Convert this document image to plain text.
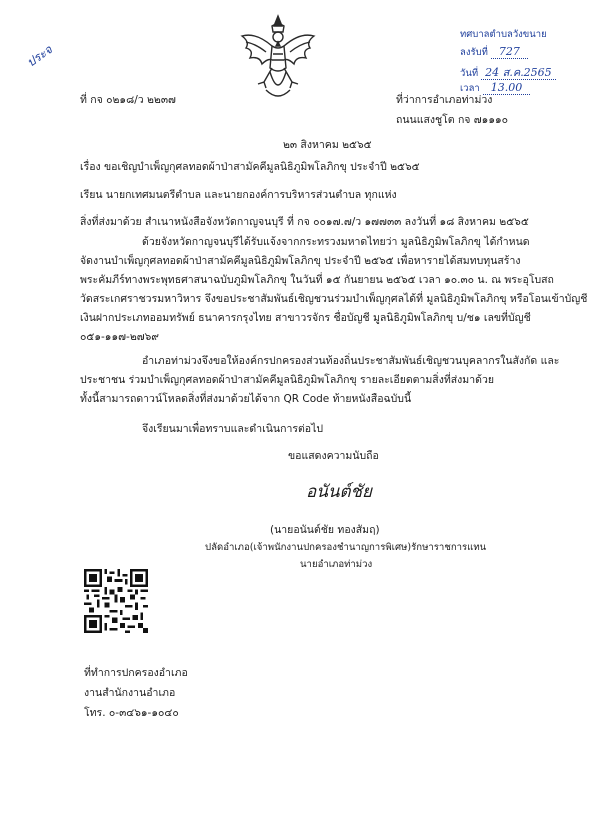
ประจ
ทศบาลตำบลวังขนาย
ลงรับที่ 727
วันที่ 24 ส.ค.2565
เวลา 13.00
ที่ กจ ๐๒๑๘/ว ๒๒๓๗	ที่ว่าการอำเภอท่าม่วง
ถนนแสงชูโต กจ ๗๑๑๑๐
๒๓ สิงหาคม ๒๕๖๕
เรื่อง ขอเชิญบำเพ็ญกุศลทอดผ้าป่าสามัคคีมูลนิธิภูมิพโลภิกขุ ประจำปี ๒๕๖๕
เรียน นายกเทศมนตรีตำบล และนายกองค์การบริหารส่วนตำบล ทุกแห่ง
สิ่งที่ส่งมาด้วย สำเนาหนังสือจังหวัดกาญจนบุรี ที่ กจ ๐๐๑๗.๗/ว ๑๗๗๓๓ ลงวันที่ ๑๘ สิงหาคม ๒๕๖๕
ด้วยจังหวัดกาญจนบุรีได้รับแจ้งจากกระทรวงมหาดไทยว่า มูลนิธิภูมิพโลภิกขุ ได้กำหนด
จัดงานบำเพ็ญกุศลทอดผ้าป่าสามัคคีมูลนิธิภูมิพโลภิกขุ ประจำปี ๒๕๖๕ เพื่อหารายได้สมทบทุนสร้าง
พระคัมภีร์ทางพระพุทธศาสนาฉบับภูมิพโลภิกขุ ในวันที่ ๑๕ กันยายน ๒๕๖๕ เวลา ๑๐.๓๐ น. ณ พระอุโบสถ
วัดสระเกศราชวรมหาวิหาร จึงขอประชาสัมพันธ์เชิญชวนร่วมบำเพ็ญกุศลได้ที่ มูลนิธิภูมิพโลภิกขุ หรือโอนเข้าบัญชี
เงินฝากประเภทออมทรัพย์ ธนาคารกรุงไทย สาขาวรจักร ชื่อบัญชี มูลนิธิภูมิพโลภิกขุ บ/ช๑ เลขที่บัญชี
๐๕๑-๑๑๗-๒๗๖๙
อำเภอท่าม่วงจึงขอให้องค์กรปกครองส่วนท้องถิ่นประชาสัมพันธ์เชิญชวนบุคลากรในสังกัด และ
ประชาชน ร่วมบำเพ็ญกุศลทอดผ้าป่าสามัคคีมูลนิธิภูมิพโลภิกขุ รายละเอียดตามสิ่งที่ส่งมาด้วย
ทั้งนี้สามารถดาวน์โหลดสิ่งที่ส่งมาด้วยได้จาก QR Code ท้ายหนังสือฉบับนี้
จึงเรียนมาเพื่อทราบและดำเนินการต่อไป
ขอแสดงความนับถือ
อนันต์ชัย
(นายอนันต์ชัย ทองสัมฤ)
ปลัดอำเภอ(เจ้าพนักงานปกครองชำนาญการพิเศษ)รักษาราชการแทน
นายอำเภอท่าม่วง
ที่ทำการปกครองอำเภอ
งานสำนักงานอำเภอ
โทร. ๐-๓๔๖๑-๑๐๔๐
